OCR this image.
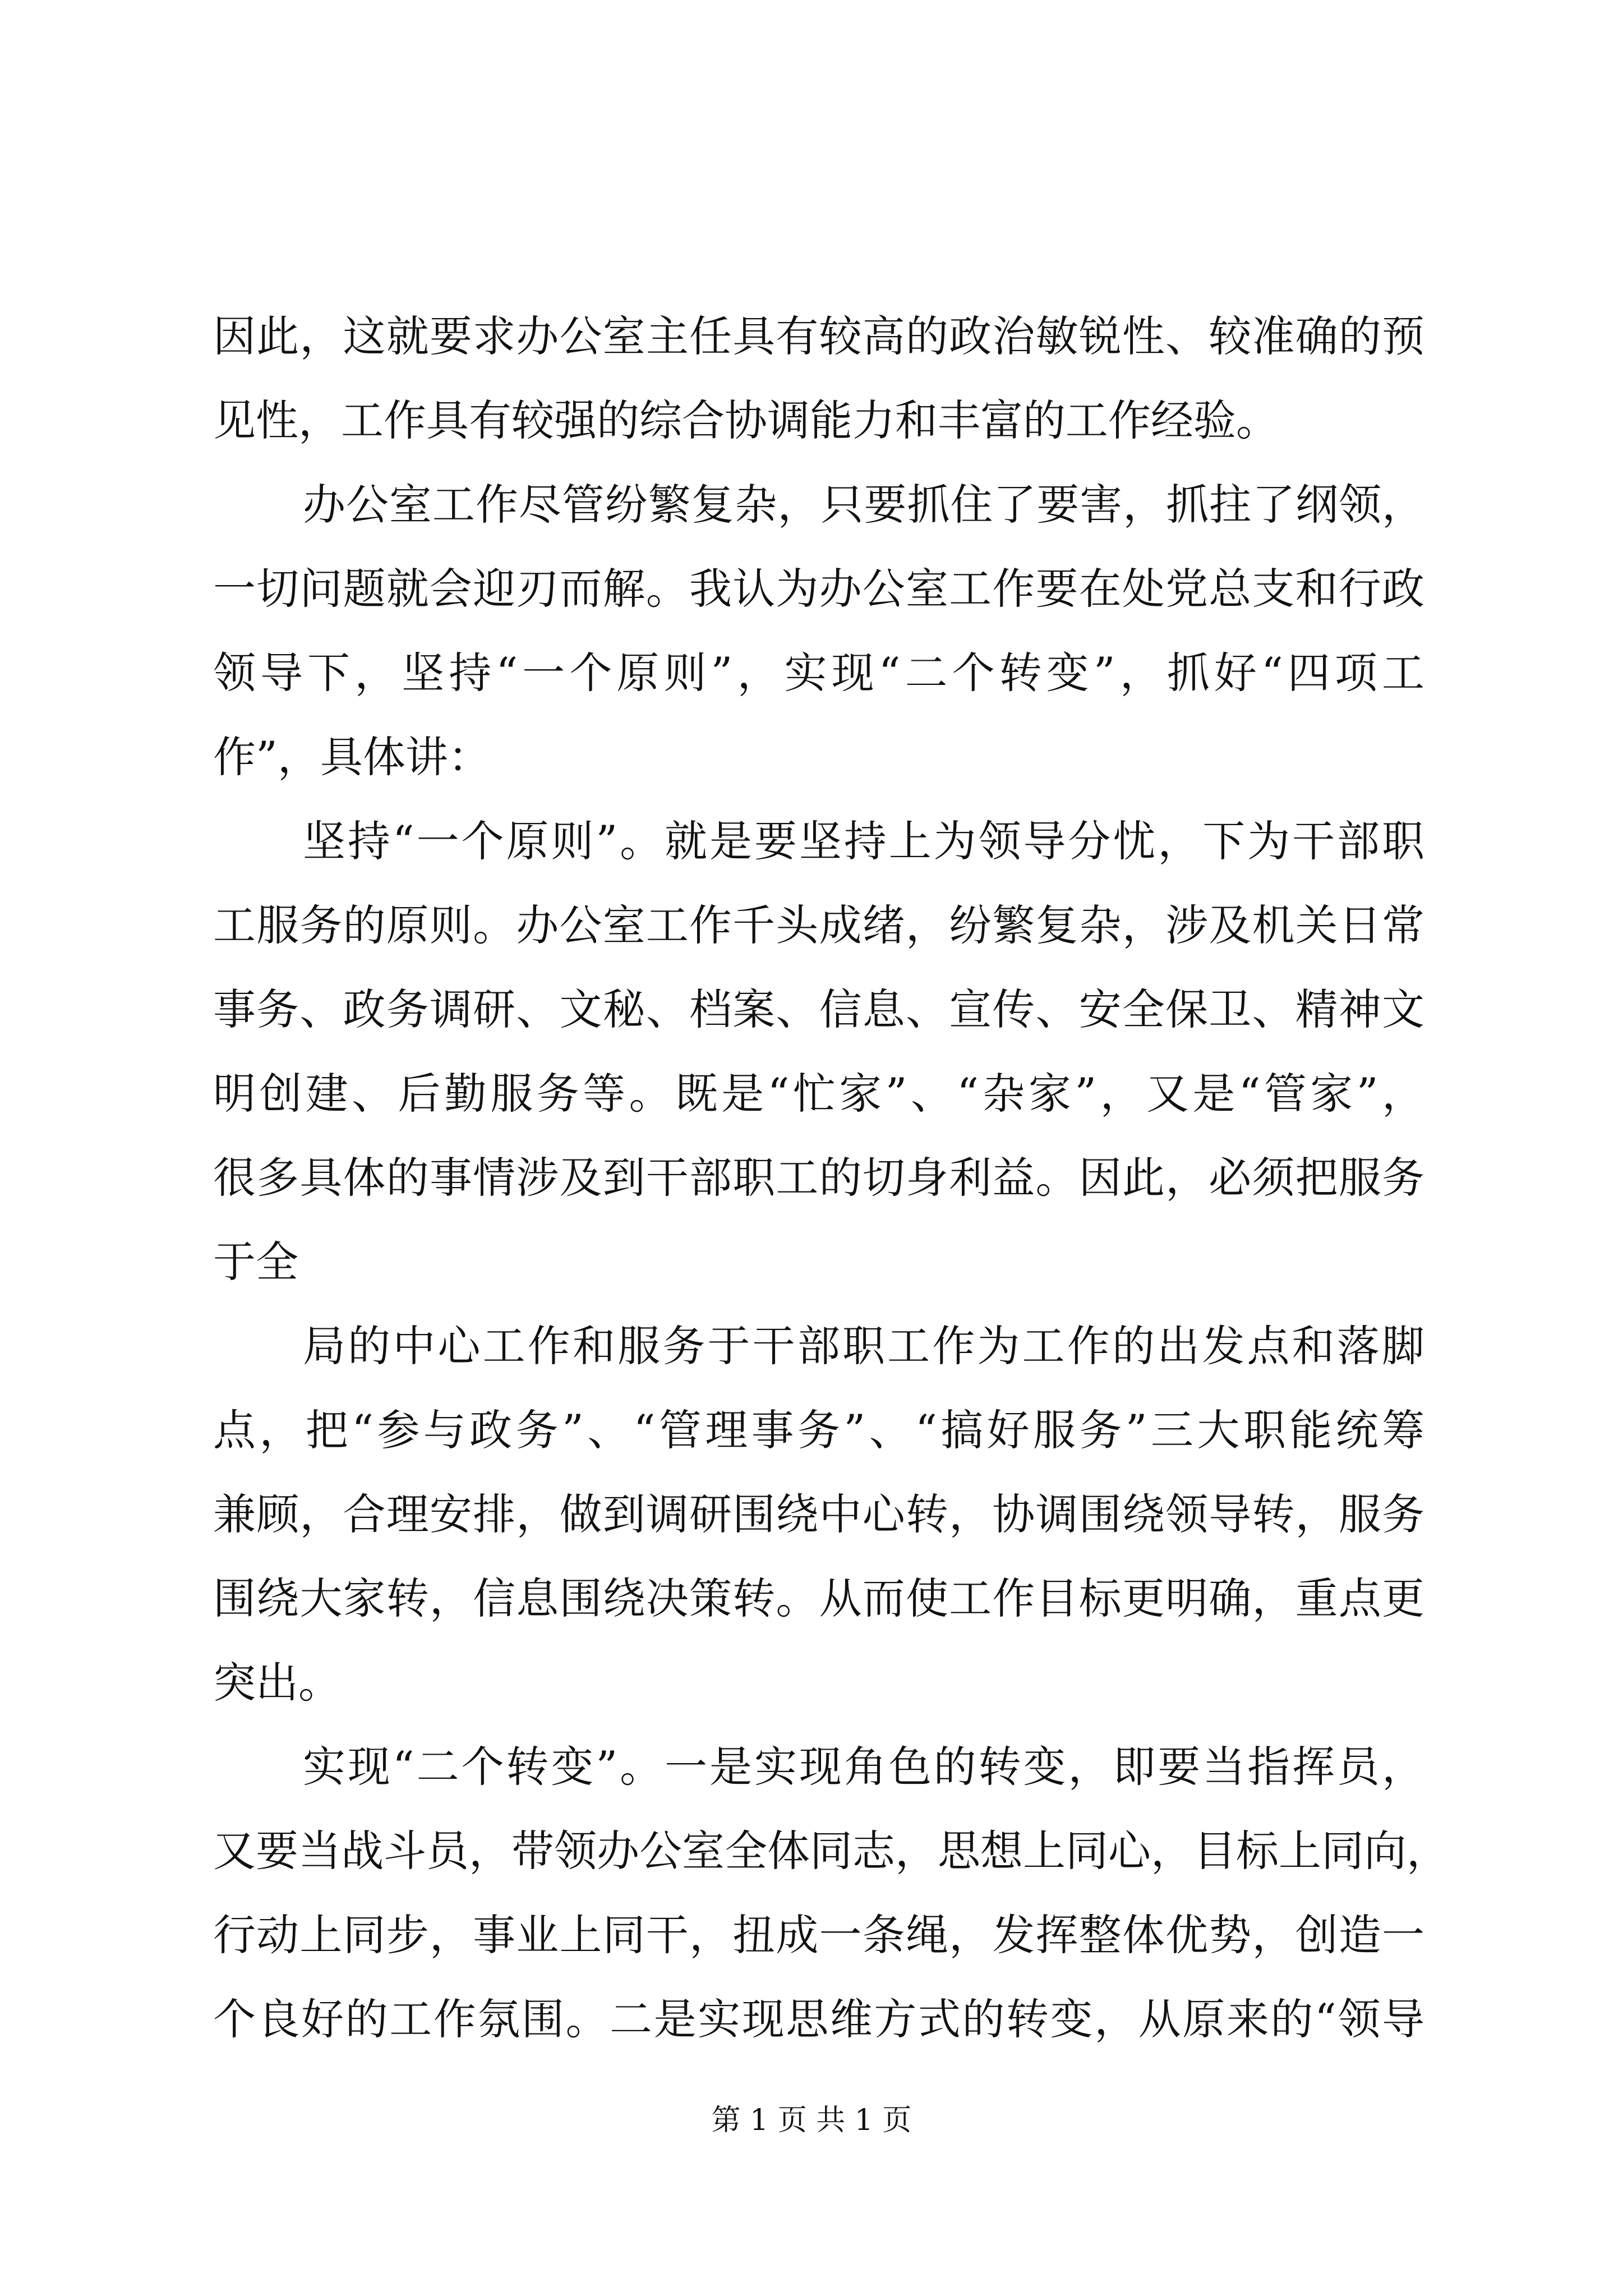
因此，这就要求办公室主任具有较高的政治敏锐性、较准确的预
见性，工作具有较强的综合协调能力和丰富的工作经验。
办公室工作尽管纷繁复杂，只要抓住了要害，抓拄了纲领，
一切问题就会迎刃而解。我认为办公室工作要在处党总支和行政
领导下，坚持“一个原则”，实现“二个转变”，抓好“四项工
作”，具体讲：
坚持“一个原则”。就是要坚持上为领导分忧，下为干部职
工服务的原则。办公室工作千头成绪，纷繁复杂，涉及机关日常
事务、政务调研、文秘、档案、信息、宣传、安全保卫、精神文
明创建、后勤服务等。既是“忙家”、“杂家”，又是“管家”，
很多具体的事情涉及到干部职工的切身利益。因此，必须把服务
于全
局的中心工作和服务于干部职工作为工作的出发点和落脚
点，把“参与政务”、“管理事务”、“搞好服务”三大职能统筹
兼顾，合理安排，做到调研围绕中心转，协调围绕领导转，服务
围绕大家转，信息围绕决策转。从而使工作目标更明确，重点更
突出。
实现“二个转变”。一是实现角色的转变，即要当指挥员，
又要当战斗员，带领办公室全体同志，思想上同心，目标上同向，
行动上同步，事业上同干，扭成一条绳，发挥整体优势，创造一
个良好的工作氛围。二是实现思维方式的转变，从原来的“领导
第 1 页 共 1 页
